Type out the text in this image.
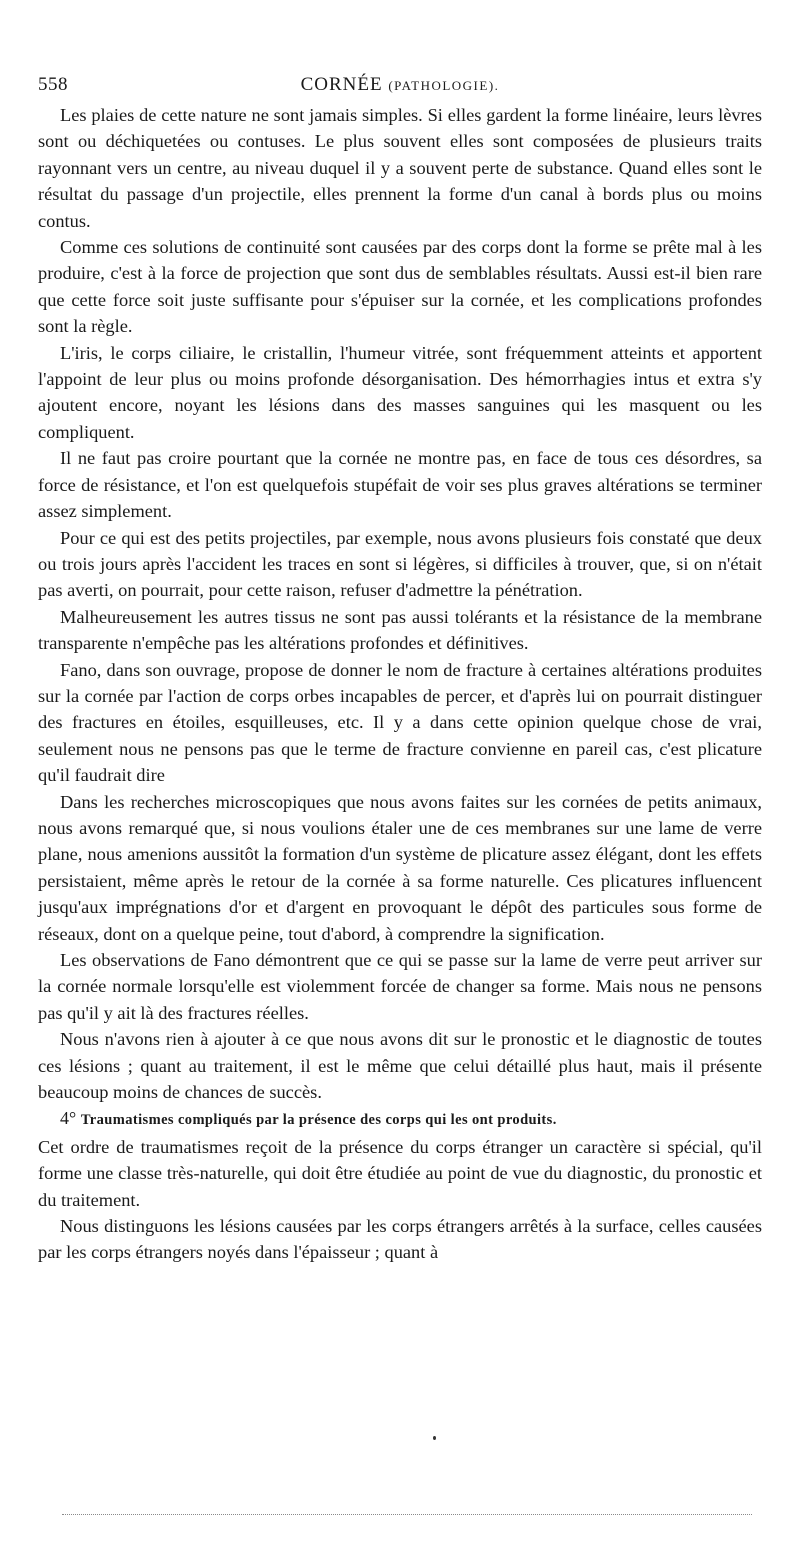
558	CORNÉE (PATHOLOGIE).

Les plaies de cette nature ne sont jamais simples. Si elles gardent la forme linéaire, leurs lèvres sont ou déchiquetées ou contuses. Le plus souvent elles sont composées de plusieurs traits rayonnant vers un centre, au niveau duquel il y a souvent perte de substance. Quand elles sont le résultat du passage d'un projectile, elles prennent la forme d'un canal à bords plus ou moins contus.

Comme ces solutions de continuité sont causées par des corps dont la forme se prête mal à les produire, c'est à la force de projection que sont dus de semblables résultats. Aussi est-il bien rare que cette force soit juste suffisante pour s'épuiser sur la cornée, et les complications profondes sont la règle.

L'iris, le corps ciliaire, le cristallin, l'humeur vitrée, sont fréquemment atteints et apportent l'appoint de leur plus ou moins profonde désorganisation. Des hémorrhagies intus et extra s'y ajoutent encore, noyant les lésions dans des masses sanguines qui les masquent ou les compliquent.

Il ne faut pas croire pourtant que la cornée ne montre pas, en face de tous ces désordres, sa force de résistance, et l'on est quelquefois stupéfait de voir ses plus graves altérations se terminer assez simplement.

Pour ce qui est des petits projectiles, par exemple, nous avons plusieurs fois constaté que deux ou trois jours après l'accident les traces en sont si légères, si difficiles à trouver, que, si on n'était pas averti, on pourrait, pour cette raison, refuser d'admettre la pénétration.

Malheureusement les autres tissus ne sont pas aussi tolérants et la résistance de la membrane transparente n'empêche pas les altérations profondes et définitives.

Fano, dans son ouvrage, propose de donner le nom de fracture à certaines altérations produites sur la cornée par l'action de corps orbes incapables de percer, et d'après lui on pourrait distinguer des fractures en étoiles, esquilleuses, etc. Il y a dans cette opinion quelque chose de vrai, seulement nous ne pensons pas que le terme de fracture convienne en pareil cas, c'est plicature qu'il faudrait dire

Dans les recherches microscopiques que nous avons faites sur les cornées de petits animaux, nous avons remarqué que, si nous voulions étaler une de ces membranes sur une lame de verre plane, nous amenions aussitôt la formation d'un système de plicature assez élégant, dont les effets persistaient, même après le retour de la cornée à sa forme naturelle. Ces plicatures influencent jusqu'aux imprégnations d'or et d'argent en provoquant le dépôt des particules sous forme de réseaux, dont on a quelque peine, tout d'abord, à comprendre la signification.

Les observations de Fano démontrent que ce qui se passe sur la lame de verre peut arriver sur la cornée normale lorsqu'elle est violemment forcée de changer sa forme. Mais nous ne pensons pas qu'il y ait là des fractures réelles.

Nous n'avons rien à ajouter à ce que nous avons dit sur le pronostic et le diagnostic de toutes ces lésions ; quant au traitement, il est le même que celui détaillé plus haut, mais il présente beaucoup moins de chances de succès.

4° Traumatismes compliqués par la présence des corps qui les ont produits.

Cet ordre de traumatismes reçoit de la présence du corps étranger un caractère si spécial, qu'il forme une classe très-naturelle, qui doit être étudiée au point de vue du diagnostic, du pronostic et du traitement.

Nous distinguons les lésions causées par les corps étrangers arrêtés à la surface, celles causées par les corps étrangers noyés dans l'épaisseur ; quant à
